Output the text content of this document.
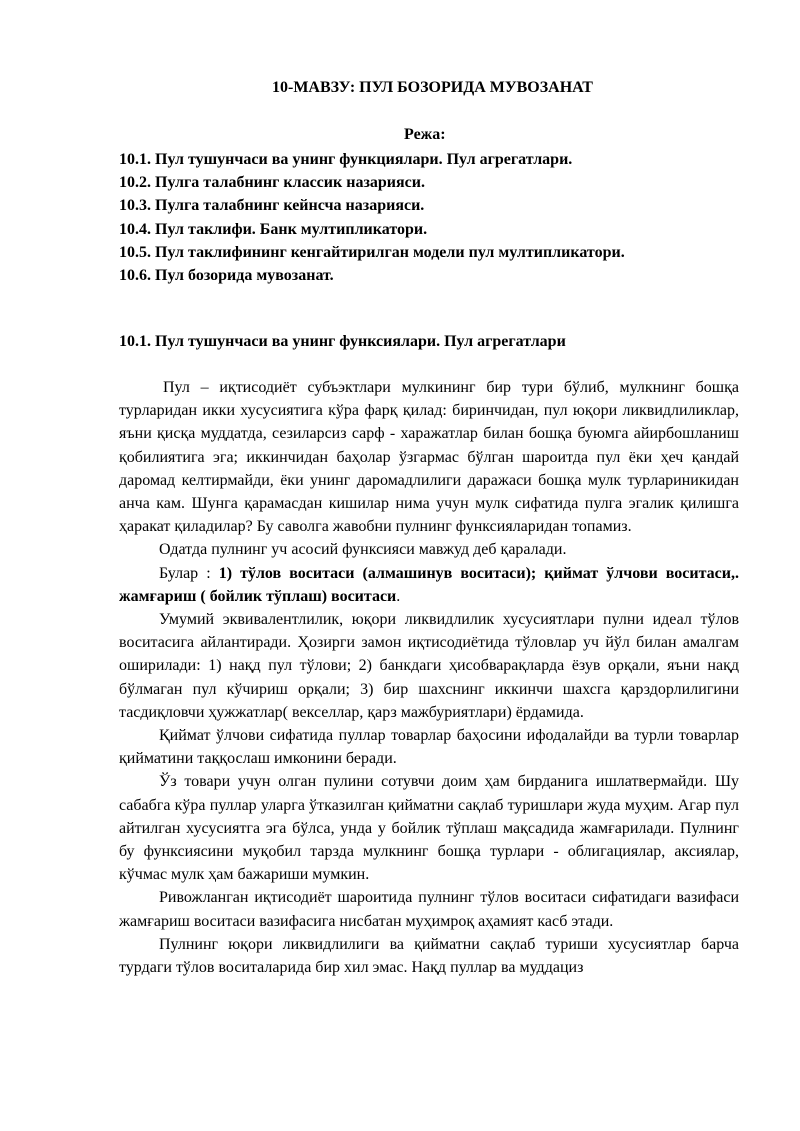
10-МАВЗУ: ПУЛ БОЗОРИДА МУВОЗАНАТ
Режа:
10.1. Пул тушунчаси ва унинг функциялари. Пул агрегатлари.
10.2. Пулга талабнинг классик назарияси.
10.3. Пулга талабнинг кейнсча назарияси.
10.4. Пул таклифи. Банк мултипликатори.
10.5. Пул таклифининг кенгайтирилган модели пул мултипликатори.
10.6. Пул бозорида мувозанат.
10.1. Пул тушунчаси ва унинг функсиялари. Пул агрегатлари

Пул – иқтисодиёт субъэктлари мулкининг бир тури бўлиб, мулкнинг бошқа турларидан икки хусусиятига кўра фарқ қилад: биринчидан, пул юқори ликвидлиликлар, яъни қисқа муддатда, сезиларсиз сарф - харажатлар билан бошқа буюмга айирбошланиш қобилиятига эга; иккинчидан баҳолар ўзгармас бўлган шароитда пул ёки ҳеч қандай даромад келтирмайди, ёки унинг даромадлилиги даражаси бошқа мулк турлариникидан анча кам. Шунга қарамасдан кишилар нима учун мулк сифатида пулга эгалик қилишга ҳаракат қиладилар? Бу саволга жавобни пулнинг функсияларидан топамиз.

Одатда пулнинг уч асосий функсияси мавжуд деб қаралади.

Булар : 1) тўлов воситаси (алмашинув воситаси); қиймат ўлчови воситаси,. жамғариш ( бойлик тўплаш) воситаси.

Умумий эквивалентлилик, юқори ликвидлилик хусусиятлари пулни идеал тўлов воситасига айлантиради. Ҳозирги замон иқтисодиётида тўловлар уч йўл билан амалгам оширилади: 1) нақд пул тўлови; 2) банкдаги ҳисобварақларда ёзув орқали, яъни нақд бўлмаган пул кўчириш орқали; 3) бир шахснинг иккинчи шахсга қарздорлилигини тасдиқловчи ҳужжатлар( векселлар, қарз мажбуриятлари) ёрдамида.

Қиймат ўлчови сифатида пуллар товарлар баҳосини ифодалайди ва турли товарлар қийматини таққослаш имконини беради.

Ўз товари учун олган пулини сотувчи доим ҳам бирданига ишлатвермайди. Шу сабабга кўра пуллар уларга ўтказилган қийматни сақлаб туришлари жуда муҳим. Агар пул айтилган хусусиятга эга бўлса, унда у бойлик тўплаш мақсадида жамғарилади. Пулнинг бу функсиясини муқобил тарзда мулкнинг бошқа турлари - облигациялар, аксиялар, кўчмас мулк ҳам бажариши мумкин.

Ривожланган иқтисодиёт шароитида пулнинг тўлов воситаси сифатидаги вазифаси жамғариш воситаси вазифасига нисбатан муҳимроқ аҳамият касб этади.

Пулнинг юқори ликвидлилиги ва қийматни сақлаб туриши хусусиятлар барча турдаги тўлов воситаларида бир хил эмас. Нақд пуллар ва муддациз
